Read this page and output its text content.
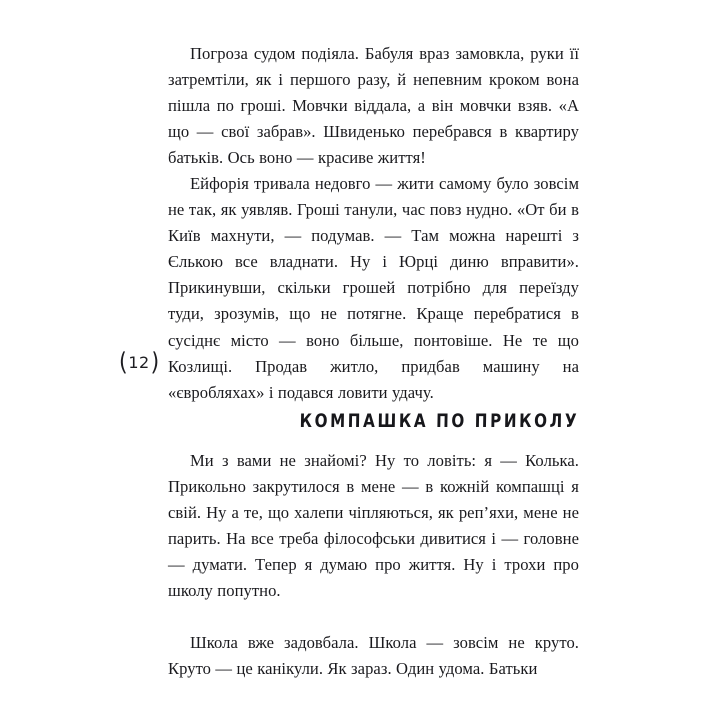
Погроза судом подіяла. Бабуля враз замовкла, руки її затремтіли, як і першого разу, й непевним кроком вона пішла по гроші. Мовчки віддала, а він мовчки взяв. «А що — свої забрав». Швиденько перебрався в квартиру батьків. Ось воно — красиве життя!

Ейфорія тривала недовго — жити самому було зовсім не так, як уявляв. Гроші танули, час повз нудно. «От би в Київ махнути, — подумав. — Там можна нарешті з Єлькою все владнати. Ну і Юрці диню вправити». Прикинувши, скільки грошей потрібно для переїзду туди, зрозумів, що не потягне. Краще перебратися в сусіднє місто — воно більше, понтовіше. Не те що Козлищі. Продав житло, придбав машину на «євробляхах» і подався ловити удачу.

(12)
КОМПАШКА ПО ПРИКОЛУ

Ми з вами не знайомі? Ну то ловіть: я — Колька. Прикольно закрутилося в мене — в кожній компашці я свій. Ну а те, що халепи чіпляються, як реп’яхи, мене не парить. На все треба філософськи дивитися і — головне — думати. Тепер я думаю про життя. Ну і трохи про школу попутно.

Школа вже задовбала. Школа — зовсім не круто. Круто — це канікули. Як зараз. Один удома. Батьки
